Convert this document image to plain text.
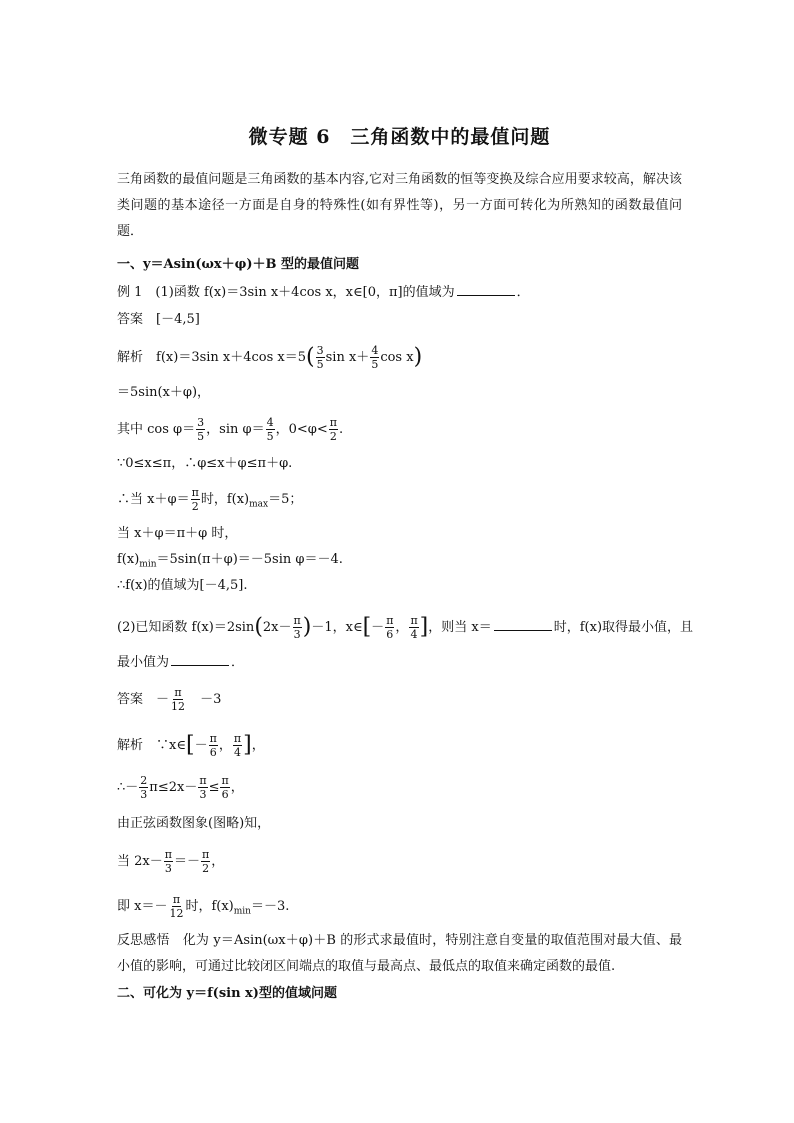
微专题 6　三角函数中的最值问题
三角函数的最值问题是三角函数的基本内容,它对三角函数的恒等变换及综合应用要求较高，解决该类问题的基本途径一方面是自身的特殊性(如有界性等)，另一方面可转化为所熟知的函数最值问题．
一、y＝Asin(ωx＋φ)＋B 型的最值问题
例 1　(1)函数 f(x)＝3sin x＋4cos x，x∈[0，π]的值域为	．
答案　 [－4,5]
解析　 f(x)＝3sin x＋4cos $x=5( \frac{3}{5}$ $\sin x+ \frac{4}{5}$ cos x)
＝5sin(x＋φ)，
其中 $\cos \varphi= \frac{3}{5}$ ，$\sin \varphi= \frac{4}{5}$ ，$0<\varphi< \frac{\pi}{2}$ .
∵0≤x≤π，∴φ≤x＋φ≤π＋φ.
∴当 $x+\varphi= \frac{\pi}{2}$ 时，$f(x)_{max}=5$；
当 x＋φ＝π＋φ 时，
$f(x)_{min}=5\sin(\pi+\varphi)=-5\sin$ φ＝－4.
∴f(x)的值域为[－4,5].
(2)已知函数 $f(x)=2\sin(2x- \frac{\pi}{3} )-1$，x∈[－ $\frac{\pi}{6}$ ， $\frac{\pi}{4}$ ]，则当 x＝	时，f(x)取得最小值，且
最小值为	．
答案　 － $\frac{\pi}{12}$
　 －3
解析　 ∵x∈[－ $\frac{\pi}{6}$ ， $\frac{\pi}{4}$ ]，
∴－ $\frac{2}{3} \pi\le 2x- \frac{\pi}{3} \le \frac{\pi}{6}$ ，
由正弦函数图象(图略)知，
当 $2x- \frac{\pi}{3} =- \frac{\pi}{2}$ ，
即 $x=- \frac{\pi}{12}$ 时，$f(x)_{min}=-3$.
反思感悟　化为 y＝Asin(ωx＋φ)＋B 的形式求最值时，特别注意自变量的取值范围对最大值、最小值的影响，可通过比较闭区间端点的取值与最高点、最低点的取值来确定函数的最值.
二、可化为 y＝f(sin x)型的值域问题
